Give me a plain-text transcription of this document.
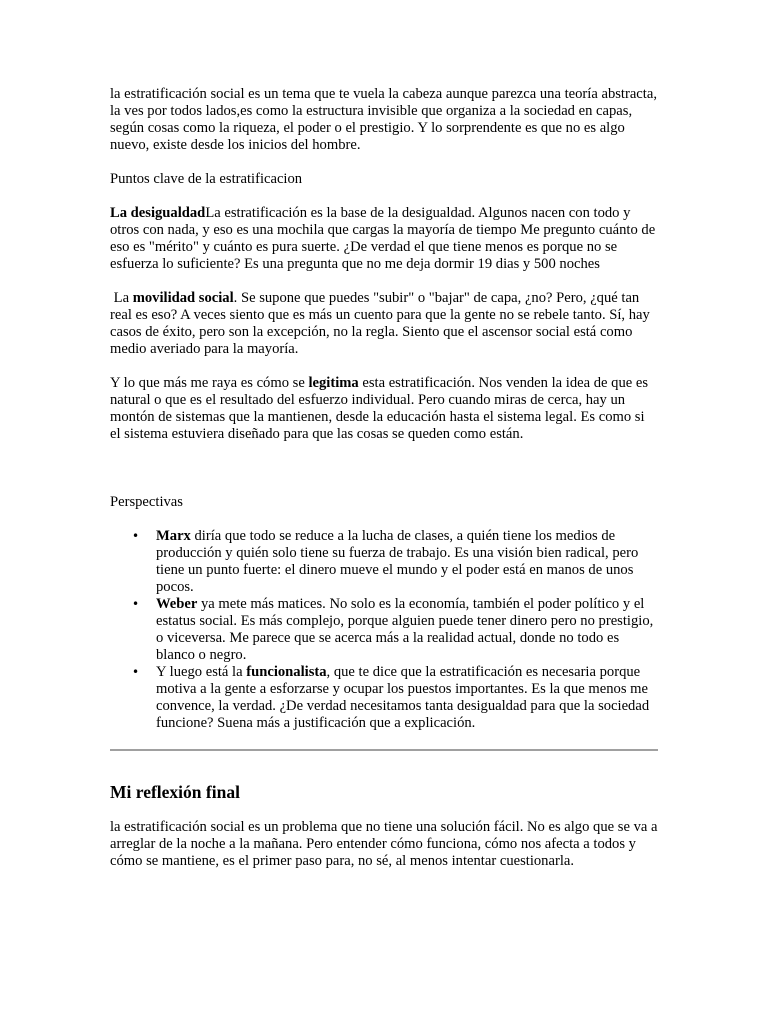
la estratificación social es un tema que te vuela la cabeza aunque parezca una teoría abstracta, la ves por todos lados,es como la estructura invisible que organiza a la sociedad en capas, según cosas como la riqueza, el poder o el prestigio. Y lo sorprendente es que no es algo nuevo, existe desde los inicios del hombre.

Puntos clave de la estratificacion

La desigualdadLa estratificación es la base de la desigualdad. Algunos nacen con todo y otros con nada, y eso es una mochila que cargas la mayoría de tiempo Me pregunto cuánto de eso es "mérito" y cuánto es pura suerte. ¿De verdad el que tiene menos es porque no se esfuerza lo suficiente? Es una pregunta que no me deja dormir 19 dias y 500 noches

La movilidad social. Se supone que puedes "subir" o "bajar" de capa, ¿no? Pero, ¿qué tan real es eso? A veces siento que es más un cuento para que la gente no se rebele tanto. Sí, hay casos de éxito, pero son la excepción, no la regla. Siento que el ascensor social está como medio averiado para la mayoría.

Y lo que más me raya es cómo se legitima esta estratificación. Nos venden la idea de que es natural o que es el resultado del esfuerzo individual. Pero cuando miras de cerca, hay un montón de sistemas que la mantienen, desde la educación hasta el sistema legal. Es como si el sistema estuviera diseñado para que las cosas se queden como están.

Perspectivas

• Marx diría que todo se reduce a la lucha de clases, a quién tiene los medios de producción y quién solo tiene su fuerza de trabajo. Es una visión bien radical, pero tiene un punto fuerte: el dinero mueve el mundo y el poder está en manos de unos pocos.
• Weber ya mete más matices. No solo es la economía, también el poder político y el estatus social. Es más complejo, porque alguien puede tener dinero pero no prestigio, o viceversa. Me parece que se acerca más a la realidad actual, donde no todo es blanco o negro.
• Y luego está la funcionalista, que te dice que la estratificación es necesaria porque motiva a la gente a esforzarse y ocupar los puestos importantes. Es la que menos me convence, la verdad. ¿De verdad necesitamos tanta desigualdad para que la sociedad funcione? Suena más a justificación que a explicación.
Mi reflexión final

la estratificación social es un problema que no tiene una solución fácil. No es algo que se va a arreglar de la noche a la mañana. Pero entender cómo funciona, cómo nos afecta a todos y cómo se mantiene, es el primer paso para, no sé, al menos intentar cuestionarla.
